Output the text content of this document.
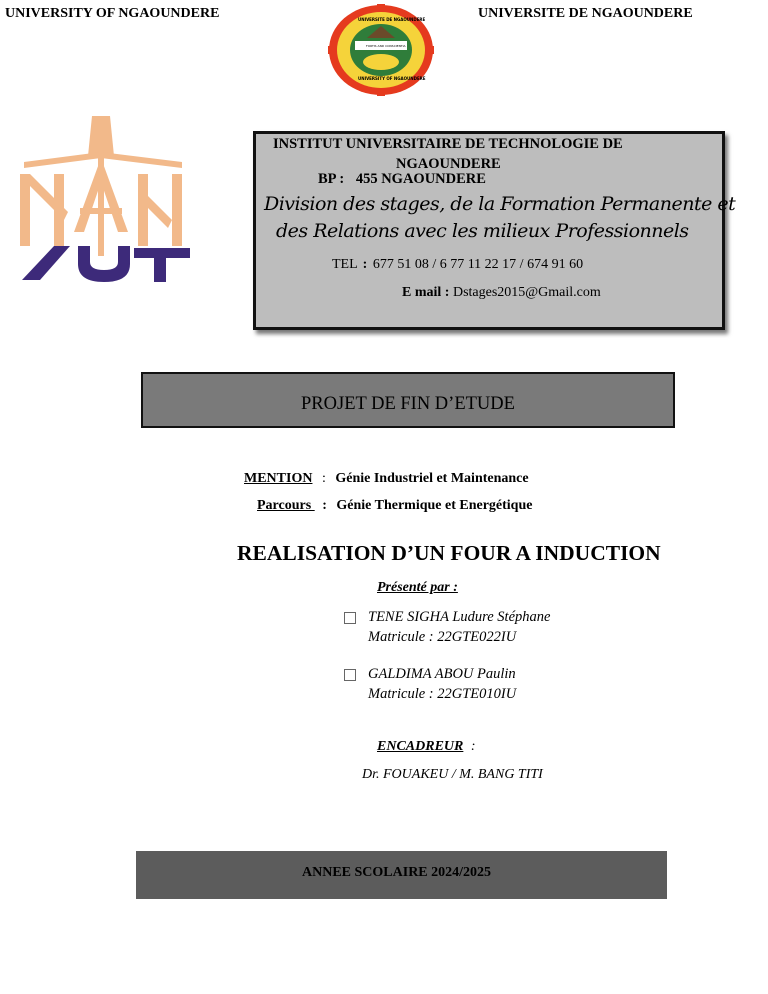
UNIVERSITY OF NGAOUNDERE	UNIVERSITE DE NGAOUNDERE
FORTIS AND CONSCIENTIA
UNIVERSITE DE NGAOUNDERE
UNIVERSITY OF NGAOUNDERE
INSTITUT UNIVERSITAIRE DE TECHNOLOGIE DE
NGAOUNDERE
BP : 455 NGAOUNDERE
Division des stages, de la Formation Permanente et
des Relations avec les milieux Professionnels
TEL : 677 51 08 / 6 77 11 22 17 / 674 91 60
E mail : Dstages2015@Gmail.com
PROJET DE FIN D’ETUDE
MENTION : Génie Industriel et Maintenance
Parcours  : Génie Thermique et Energétique
REALISATION D’UN FOUR A INDUCTION
Présenté par :
TENE SIGHA Ludure Stéphane
Matricule : 22GTE022IU
GALDIMA ABOU Paulin
Matricule : 22GTE010IU
ENCADREUR :
Dr. FOUAKEU / M. BANG TITI
ANNEE SCOLAIRE 2024/2025
